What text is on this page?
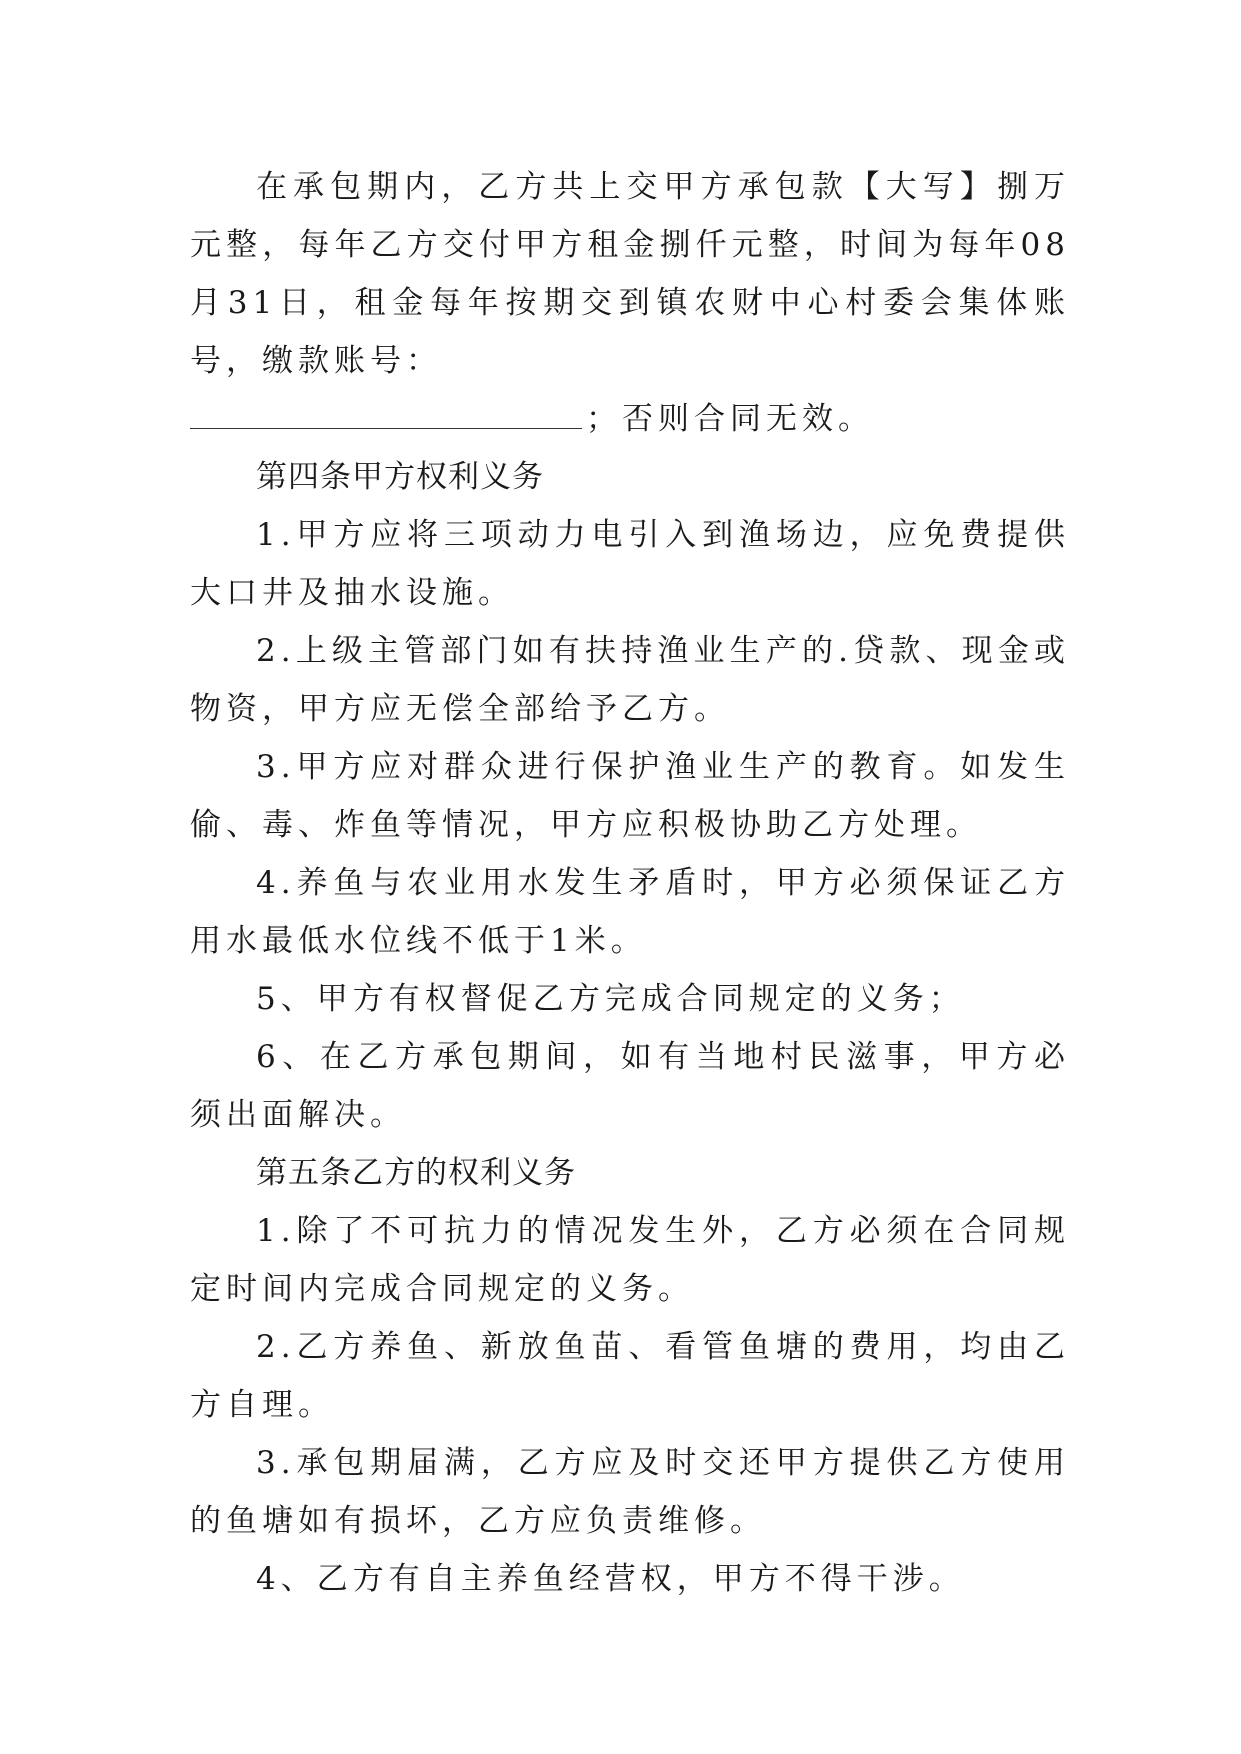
在承包期内，乙方共上交甲方承包款【大写】捌万元整，每年乙方交付甲方租金捌仟元整，时间为每年08月31日，租金每年按期交到镇农财中心村委会集体账号，缴款账号：
；否则合同无效。

第四条甲方权利义务

1.甲方应将三项动力电引入到渔场边，应免费提供大口井及抽水设施。

2.上级主管部门如有扶持渔业生产的.贷款、现金或物资，甲方应无偿全部给予乙方。

3.甲方应对群众进行保护渔业生产的教育。如发生偷、毒、炸鱼等情况，甲方应积极协助乙方处理。

4.养鱼与农业用水发生矛盾时，甲方必须保证乙方用水最低水位线不低于1米。

5、甲方有权督促乙方完成合同规定的义务；

6、在乙方承包期间，如有当地村民滋事，甲方必须出面解决。

第五条乙方的权利义务

1.除了不可抗力的情况发生外，乙方必须在合同规定时间内完成合同规定的义务。

2.乙方养鱼、新放鱼苗、看管鱼塘的费用，均由乙方自理。

3.承包期届满，乙方应及时交还甲方提供乙方使用的鱼塘如有损坏，乙方应负责维修。

4、乙方有自主养鱼经营权，甲方不得干涉。
